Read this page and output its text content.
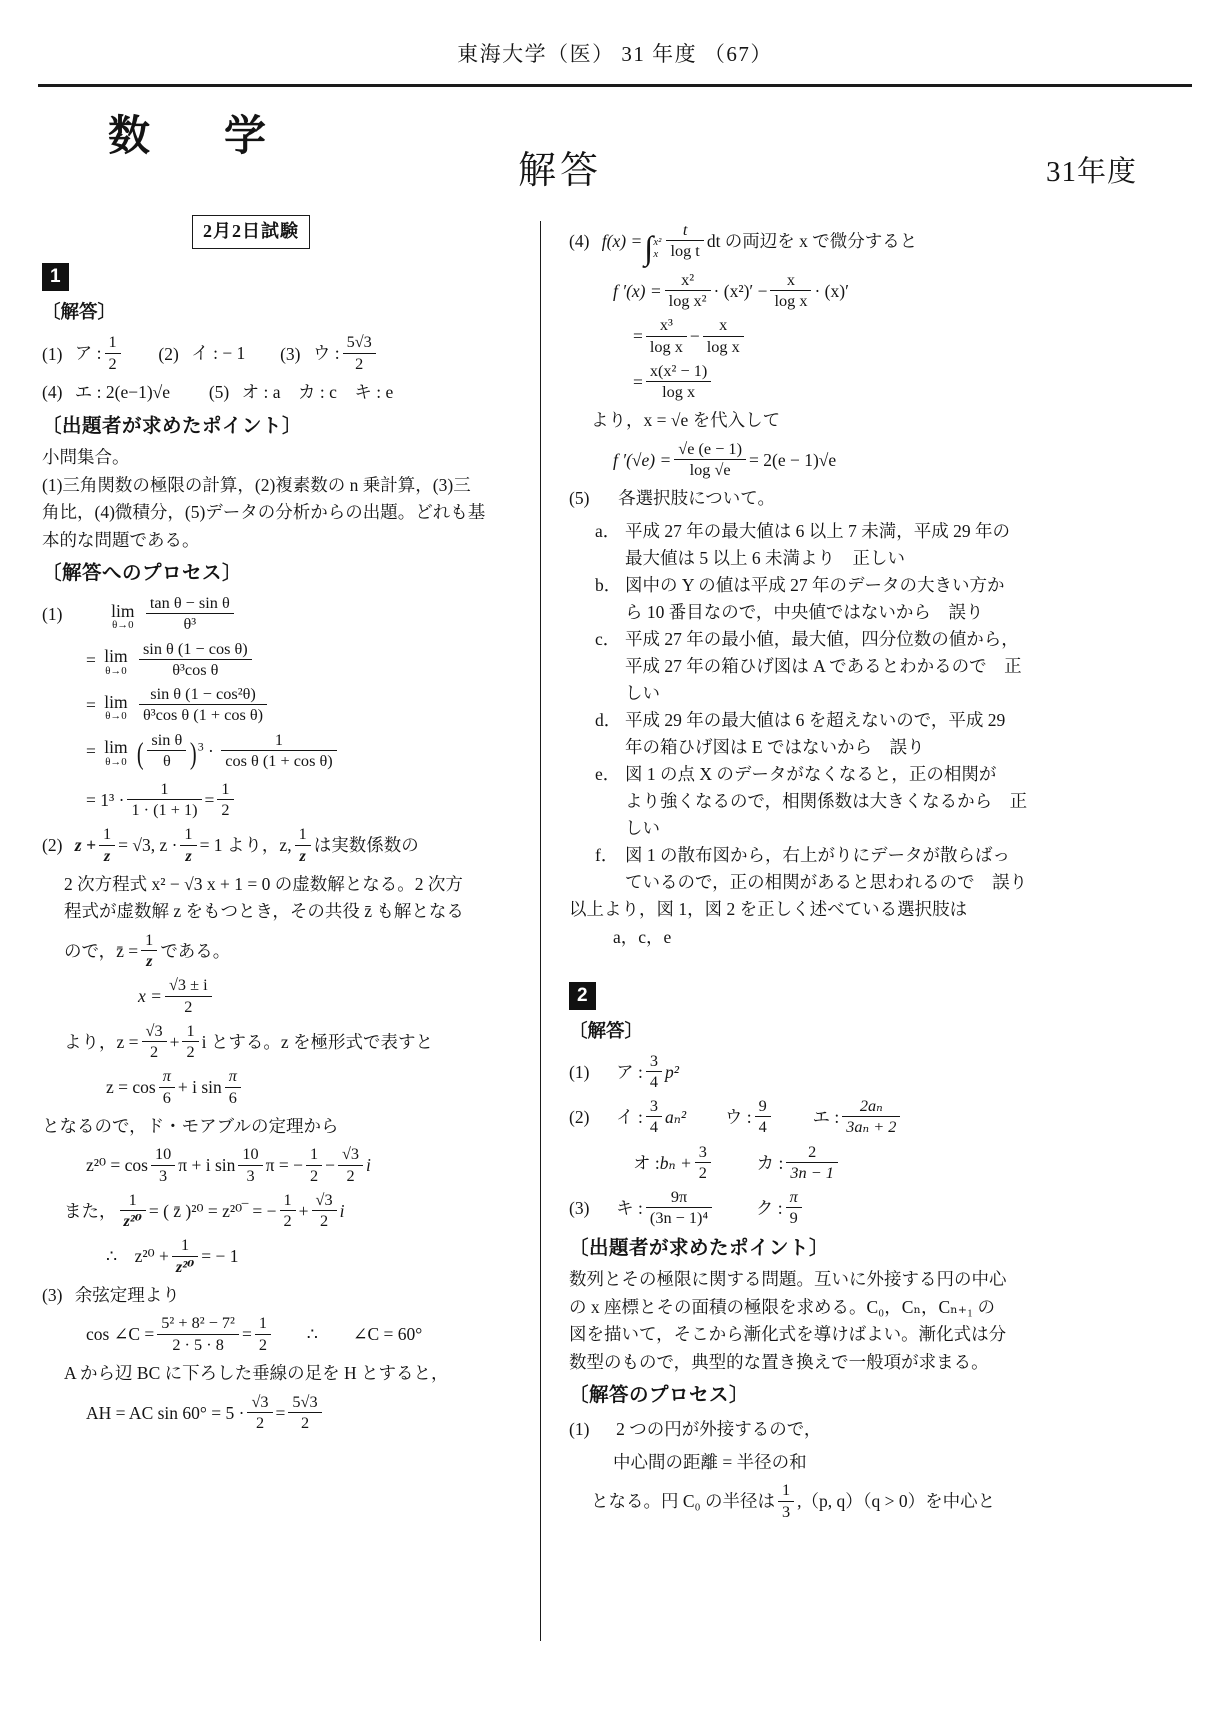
東海大学（医） 31 年度 （67）
数　学
解答	31年度
2月2日試験
1
〔解答〕
(1) ア : $\frac{1}{2} (2)$ イ : − 1 (3) ウ : $\frac{5√3}{2}$
(4) エ : 2(e−1)√e (5) オ : a　カ : c　キ : e
〔出題者が求めたポイント〕
小問集合。
(1)三角関数の極限の計算，(2)複素数の n 乗計算，(3)三
角比，(4)微積分，(5)データの分析からの出題。どれも基
本的な問題である。
〔解答へのプロセス〕
(1)	lim
θ→0
$\frac{\text{tan θ − sin θ}}{\text{θ³}}$
= lim
θ→0
$\frac{\text{sin θ (1 − cos θ)}}{\text{θ³cos θ}}$
= lim
θ→0
$\frac{\text{sin θ (1 − cos²θ)}}{\text{θ³cos θ (1 + cos θ)}}$
= lim
θ→0 ( $\frac{\text{sin θ}}{\theta} )^3 \cdot \frac{1}{\text{cos θ (1 + cos θ)}}$
= $1^3 \cdot \frac{1}{1 \cdot (1 + 1)} = \frac{1}{2}$
(2) $z + \frac{1}{z} = √3$, $z \cdot \frac{1}{z} = 1$ より，z, $\frac{1}{z}$ は実数係数の
2 次方程式 x² − √3 x + 1 = 0 の虚数解となる。2 次方
程式が虚数解 z をもつとき，その共役 z̄ も解となる
ので，z̄ = $\frac{1}{z}$ である。
$x = \frac{√3 \pm i}{2}$
より，$z = \frac{√3}{2} + \frac{1}{2}$ i とする。z を極形式で表すと
$z = \cos \frac{\pi}{6} + i$ $\sin \frac{\pi}{6}$
となるので，ド・モアブルの定理から
$z^{20} = \cos \frac{10}{3}$ π + i $\sin \frac{10}{3}$ π = − $\frac{1}{2} - \frac{√3}{2}$ i
また， $\frac{1}{\text{z²⁰}}$ = ( z̄ )²⁰ = z²⁰‾ = − $\frac{1}{2} + \frac{√3}{2}$ i
∴　$z^{20} + \frac{1}{\text{z²⁰}}$ = − 1
(3) 余弦定理より
cos ∠C = $\frac{\text{5² + 8² − 7²}}{2 \cdot 5 \cdot 8} = \frac{1}{2}$ ∴　　∠C = 60°
A から辺 BC に下ろした垂線の足を H とすると，
AH = AC $\sin 60^\circ = 5 \cdot \frac{√3}{2} = \frac{5√3}{2}$
(4) f(x) =∫ x²
x $\frac{t}{\text{log t}}$ dt の両辺を x で微分すると
f $'(x) = \frac{\text{x²}}{\text{log x²}} \cdot (x^2)' - \frac{x}{\text{log x}} \cdot (x)'$
= $\frac{\text{x³}}{\text{log x}} - \frac{x}{\text{log x}}$
= $\frac{\text{x(x² − 1)}}{\text{log x}}$
より，x = √e を代入して
f $'(√e) = \frac{√e (e - 1)}{\log √e} = 2(e - 1)√e$
(5) 各選択肢について。
a． 平成 27 年の最大値は 6 以上 7 未満，平成 29 年の
最大値は 5 以上 6 未満より　正しい
b． 図中の Y の値は平成 27 年のデータの大きい方か
ら 10 番目なので，中央値ではないから　誤り
c． 平成 27 年の最小値，最大値，四分位数の値から，
平成 27 年の箱ひげ図は A であるとわかるので　正
しい
d． 平成 29 年の最大値は 6 を超えないので，平成 29
年の箱ひげ図は E ではないから　誤り
e． 図 1 の点 X のデータがなくなると，正の相関が
より強くなるので，相関係数は大きくなるから　正
しい
f． 図 1 の散布図から，右上がりにデータが散らばっ
ているので，正の相関があると思われるので　誤り
以上より，図 1，図 2 を正しく述べている選択肢は
a，c，e
2
〔解答〕
(1) ア : $\frac{3}{4} p^2$
(2) イ : $\frac{3}{4} a_n^2$ ウ : $\frac{9}{4}$ エ : $\frac{\text{2aₙ}}{\text{3aₙ + 2}}$
オ :bₙ + $\frac{3}{2}$	カ : $\frac{2}{3n - 1}$
(3) キ : $\frac{9\pi}{\text{(3n − 1)⁴}}$	ク : $\frac{\pi}{9}$
〔出題者が求めたポイント〕
数列とその極限に関する問題。互いに外接する円の中心
の x 座標とその面積の極限を求める。C₀，Cₙ，Cₙ₊₁ の
図を描いて，そこから漸化式を導けばよい。漸化式は分
数型のもので，典型的な置き換えで一般項が求まる。
〔解答のプロセス〕
(1) 2 つの円が外接するので，
中心間の距離 = 半径の和
となる。円 C₀ の半径は $\frac{1}{3} ,(p$, q）（q > 0）を中心と
